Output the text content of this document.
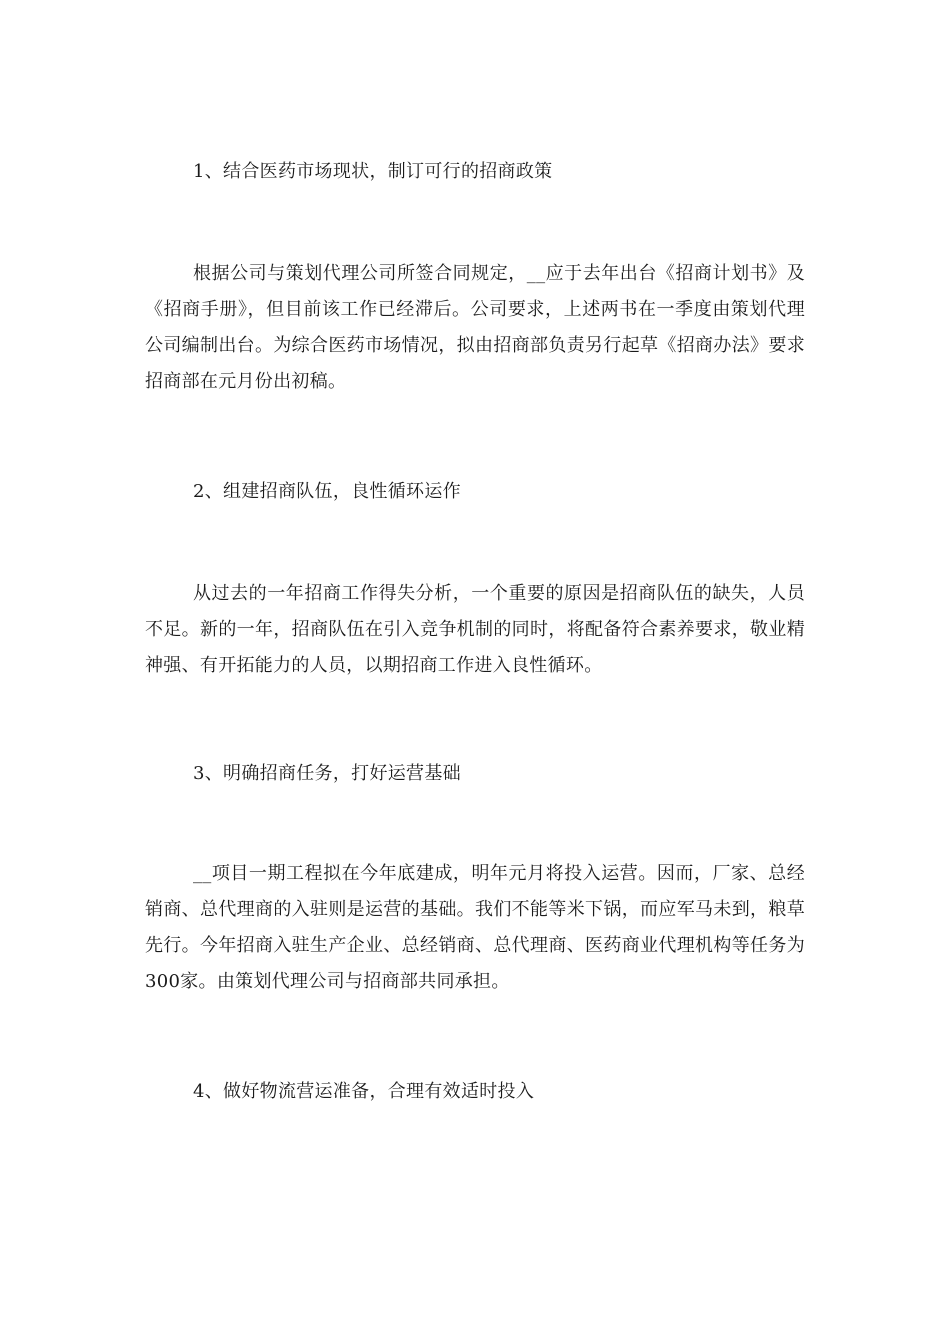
1、结合医药市场现状，制订可行的招商政策
根据公司与策划代理公司所签合同规定，__应于去年出台《招商计划书》及《招商手册》，但目前该工作已经滞后。公司要求，上述两书在一季度由策划代理公司编制出台。为综合医药市场情况，拟由招商部负责另行起草《招商办法》要求招商部在元月份出初稿。
2、组建招商队伍，良性循环运作
从过去的一年招商工作得失分析，一个重要的原因是招商队伍的缺失，人员不足。新的一年，招商队伍在引入竞争机制的同时，将配备符合素养要求，敬业精神强、有开拓能力的人员，以期招商工作进入良性循环。
3、明确招商任务，打好运营基础
__项目一期工程拟在今年底建成，明年元月将投入运营。因而，厂家、总经销商、总代理商的入驻则是运营的基础。我们不能等米下锅，而应军马未到，粮草先行。今年招商入驻生产企业、总经销商、总代理商、医药商业代理机构等任务为300家。由策划代理公司与招商部共同承担。
4、做好物流营运准备，合理有效适时投入
